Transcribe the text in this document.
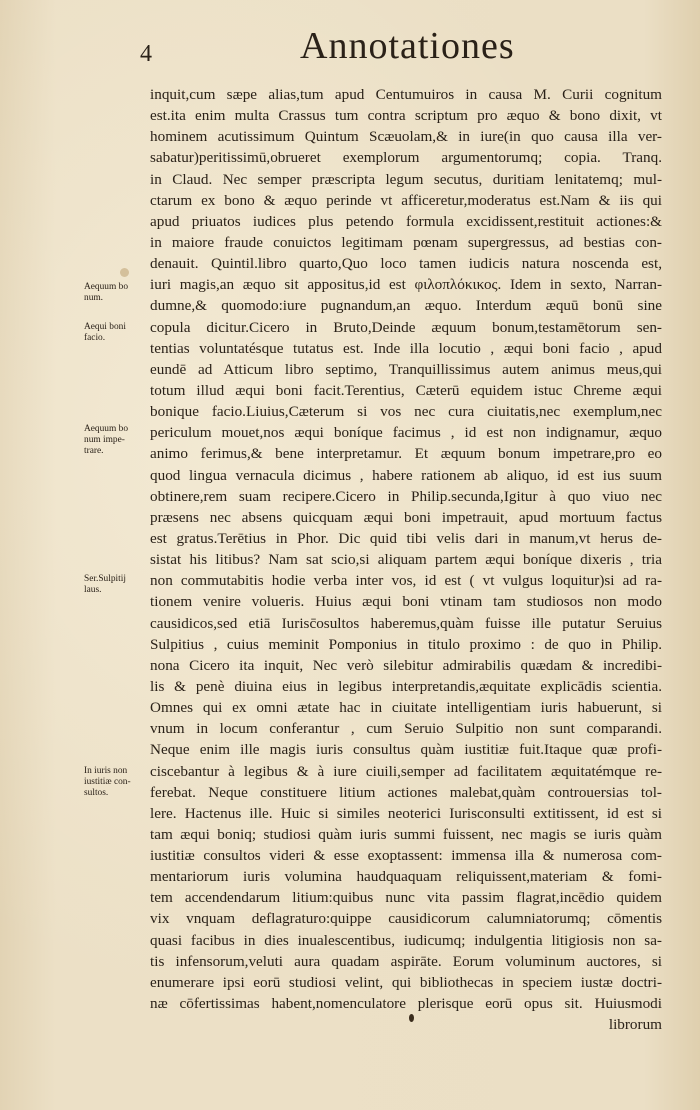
4	Annotationes
Aequum bo
num.
Aequi boni
facio.
Aequum bo
num impe-
trare.
Ser.Sulpitij
laus.
In iuris non
iustitiæ con-
sultos.
inquit,cum sæpe alias,tum apud Centumuiros in causa M. Curii cognitum
est.ita enim multa Crassus tum contra scriptum pro æquo & bono dixit, vt
hominem acutissimum Quintum Scæuolam,& in iure(in quo causa illa ver-
sabatur)peritissimū,obrueret exemplorum argumentorumq; copia. Tranq.
in Claud. Nec semper præscripta legum secutus, duritiam lenitatemq; mul-
ctarum ex bono & æquo perinde vt afficeretur,moderatus est.Nam & iis qui
apud priuatos iudices plus petendo formula excidissent,restituit actiones:&
in maiore fraude conuictos legitimam pœnam supergressus, ad bestias con-
denauit. Quintil.libro quarto,Quo loco tamen iudicis natura noscenda est,
iuri magis,an æquo sit appositus,id est φιλοπλόκικος. Idem in sexto, Narran-
dumne,& quomodo:iure pugnandum,an æquo. Interdum æquū bonū sine
copula dicitur.Cicero in Bruto,Deinde æquum bonum,testamētorum sen-
tentias voluntatésque tutatus est. Inde illa locutio , æqui boni facio , apud
eundē ad Atticum libro septimo, Tranquillissimus autem animus meus,qui
totum illud æqui boni facit.Terentius, Cæterū equidem istuc Chreme æqui
bonique facio.Liuius,Cæterum si vos nec cura ciuitatis,nec exemplum,nec
periculum mouet,nos æqui boníque facimus , id est non indignamur, æquo
animo ferimus,& bene interpretamur. Et æquum bonum impetrare,pro eo
quod lingua vernacula dicimus , habere rationem ab aliquo, id est ius suum
obtinere,rem suam recipere.Cicero in Philip.secunda,Igitur à quo viuo nec
præsens nec absens quicquam æqui boni impetrauit, apud mortuum factus
est gratus.Terētius in Phor. Dic quid tibi velis dari in manum,vt herus de-
sistat his litibus? Nam sat scio,si aliquam partem æqui boníque dixeris , tria
non commutabitis hodie verba inter vos, id est ( vt vulgus loquitur)si ad ra-
tionem venire volueris. Huius æqui boni vtinam tam studiosos non modo
causidicos,sed etiā Iurisc̄osultos haberemus,quàm fuisse ille putatur Seruius
Sulpitius , cuius meminit Pomponius in titulo proximo : de quo in Philip.
nona Cicero ita inquit, Nec verò silebitur admirabilis quædam & incredibi-
lis & penè diuina eius in legibus interpretandis,æquitate explicādis scientia.
Omnes qui ex omni ætate hac in ciuitate intelligentiam iuris habuerunt, si
vnum in locum conferantur , cum Seruio Sulpitio non sunt comparandi.
Neque enim ille magis iuris consultus quàm iustitiæ fuit.Itaque quæ profi-
ciscebantur à legibus & à iure ciuili,semper ad facilitatem æquitatémque re-
ferebat. Neque constituere litium actiones malebat,quàm controuersias tol-
lere. Hactenus ille. Huic si similes neoterici Iurisconsulti extitissent, id est si
tam æqui boniq; studiosi quàm iuris summi fuissent, nec magis se iuris quàm
iustitiæ consultos videri & esse exoptassent: immensa illa & numerosa com-
mentariorum iuris volumina haudquaquam reliquissent,materiam & fomi-
tem accendendarum litium:quibus nunc vita passim flagrat,incēdio quidem
vix vnquam deflagraturo:quippe causidicorum calumniatorumq; cōmentis
quasi facibus in dies inualescentibus, iudicumq; indulgentia litigiosis non sa-
tis infensorum,veluti aura quadam aspirāte. Eorum voluminum auctores, si
enumerare ipsi eorū studiosi velint, qui bibliothecas in speciem iustæ doctri-
næ cōfertissimas habent,nomenculatore plerisque eorū opus sit. Huiusmodi
librorum
